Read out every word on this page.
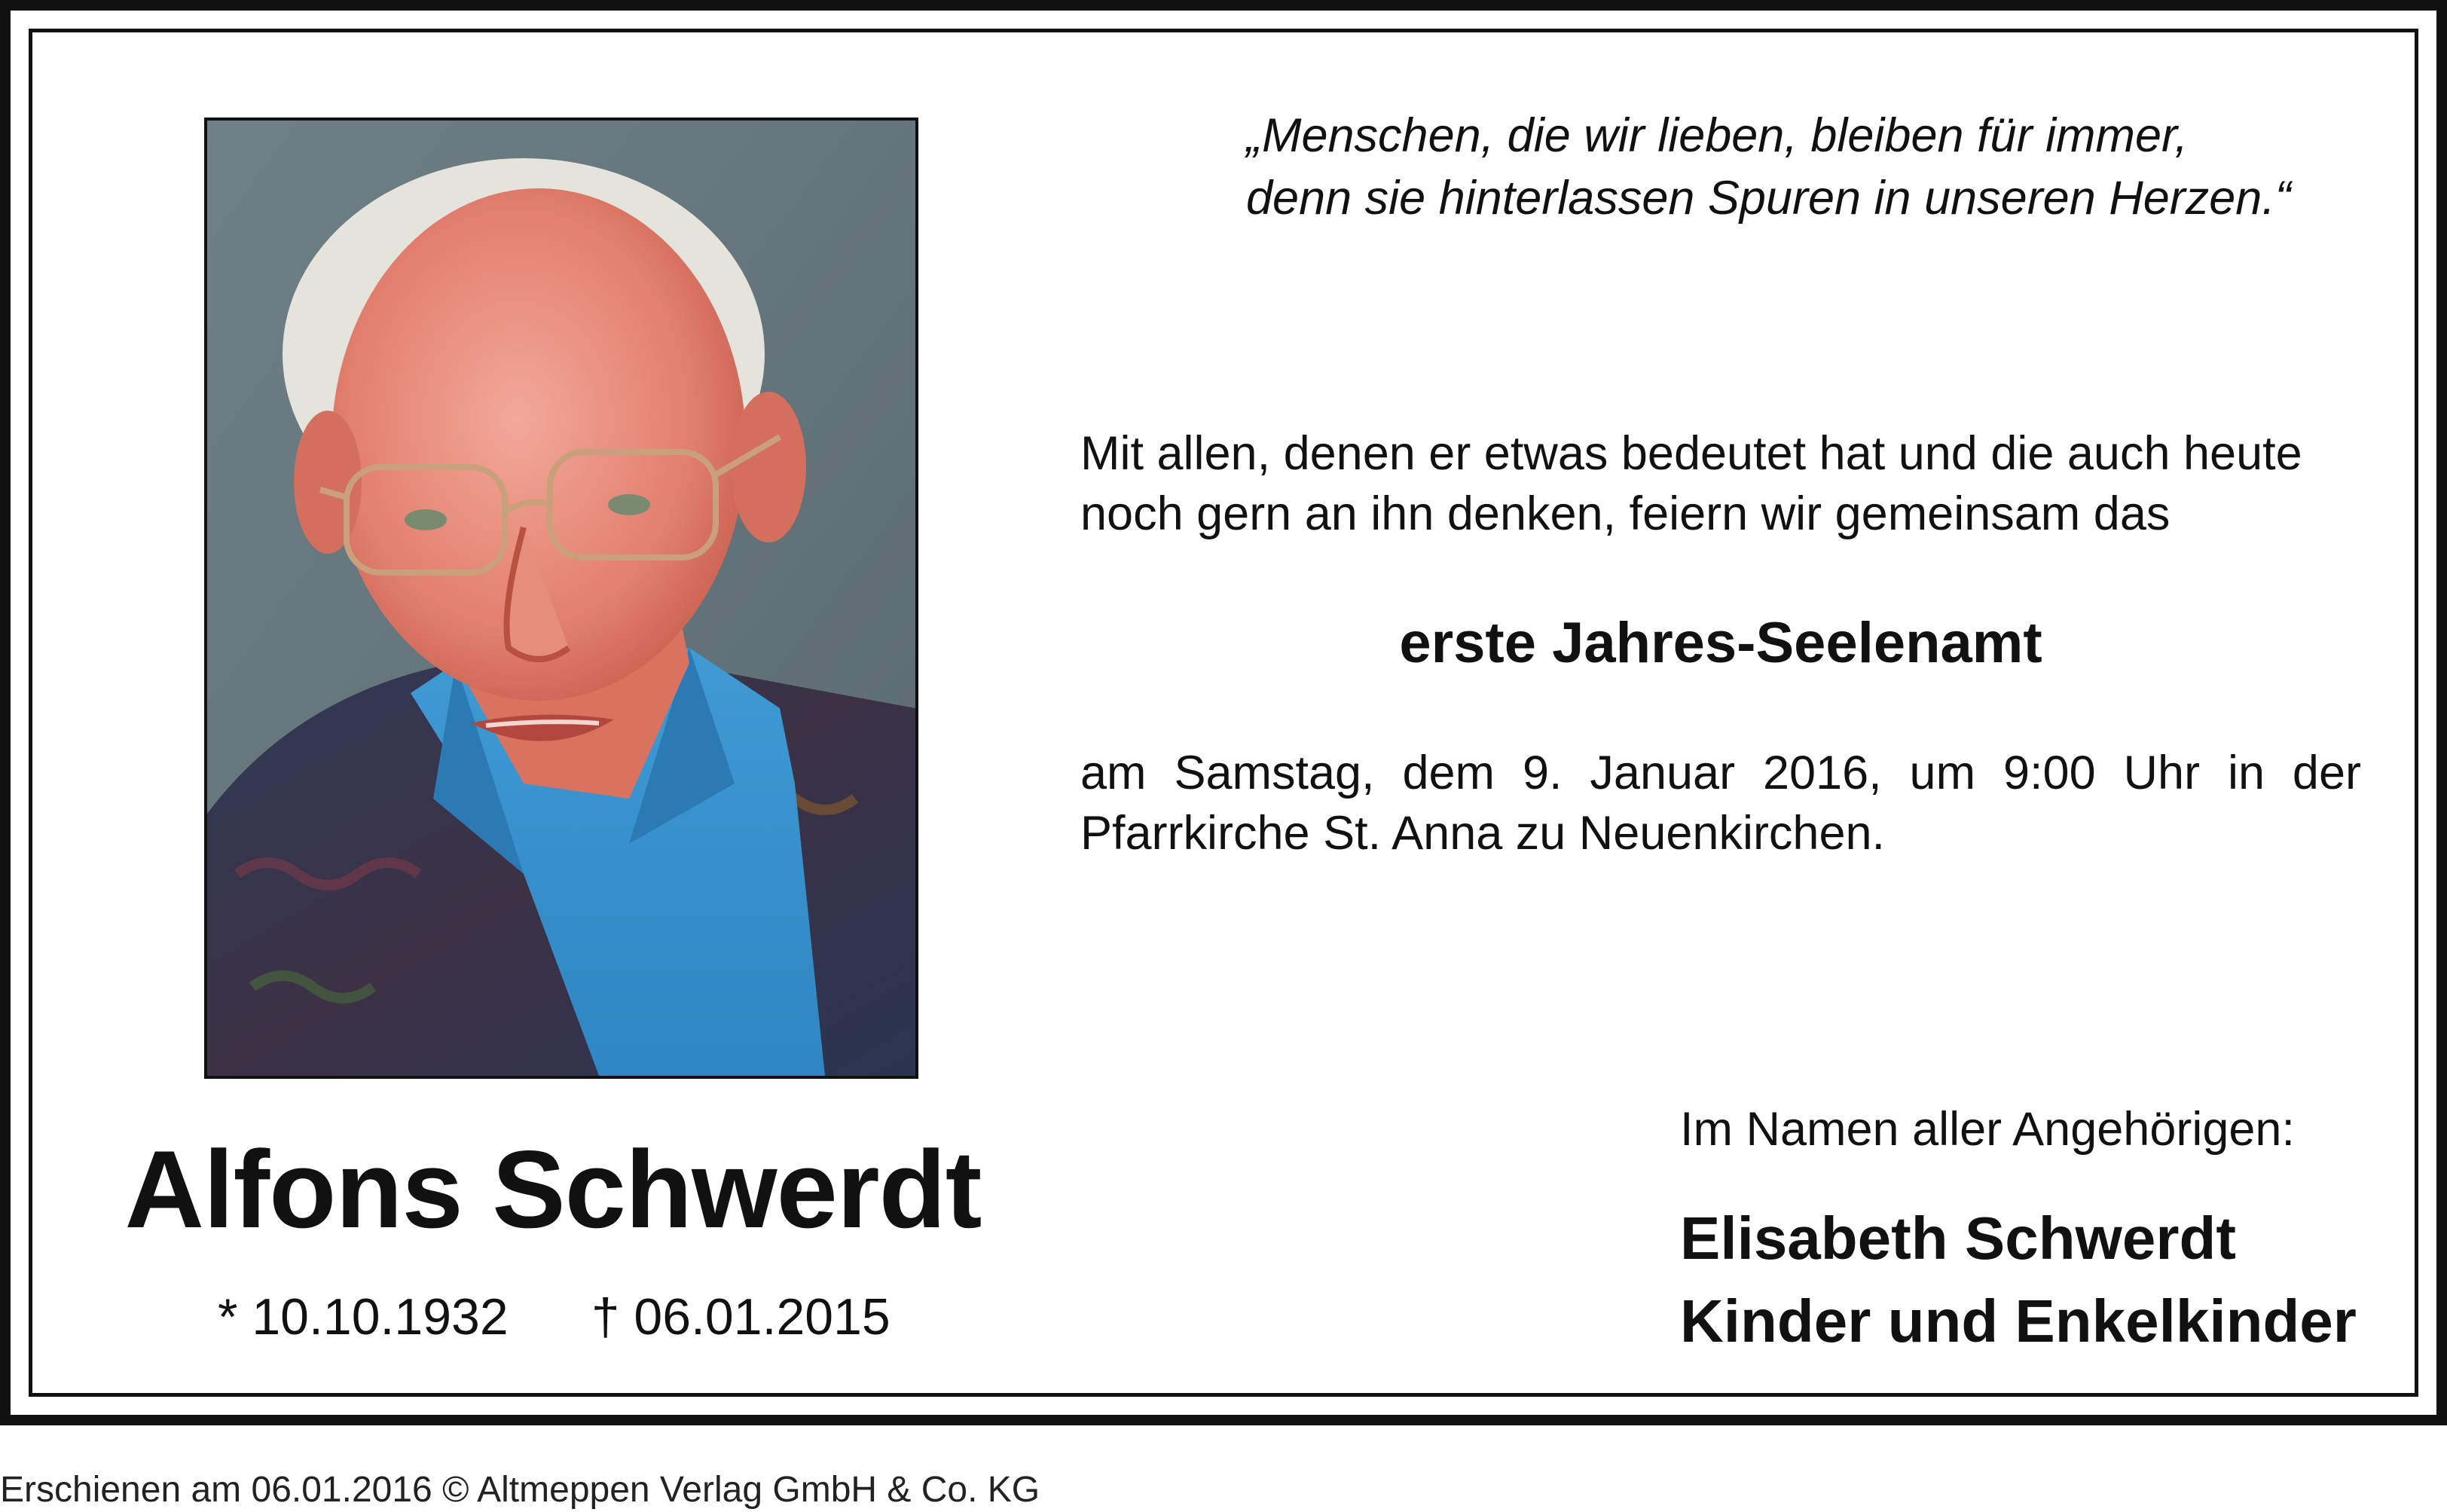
Alfons Schwerdt
* 10.10.1932 † 06.01.2015
„Menschen, die wir lieben, bleiben für immer,
denn sie hinterlassen Spuren in unseren Herzen.“
Mit allen, denen er etwas bedeutet hat und die auch heute
noch gern an ihn denken, feiern wir gemeinsam das
erste Jahres-Seelenamt
am Samstag, dem 9. Januar 2016, um 9:00 Uhr in der
Pfarrkirche St. Anna zu Neuenkirchen.
Im Namen aller Angehörigen:
Elisabeth Schwerdt
Kinder und Enkelkinder
Erschienen am 06.01.2016 © Altmeppen Verlag GmbH & Co. KG
